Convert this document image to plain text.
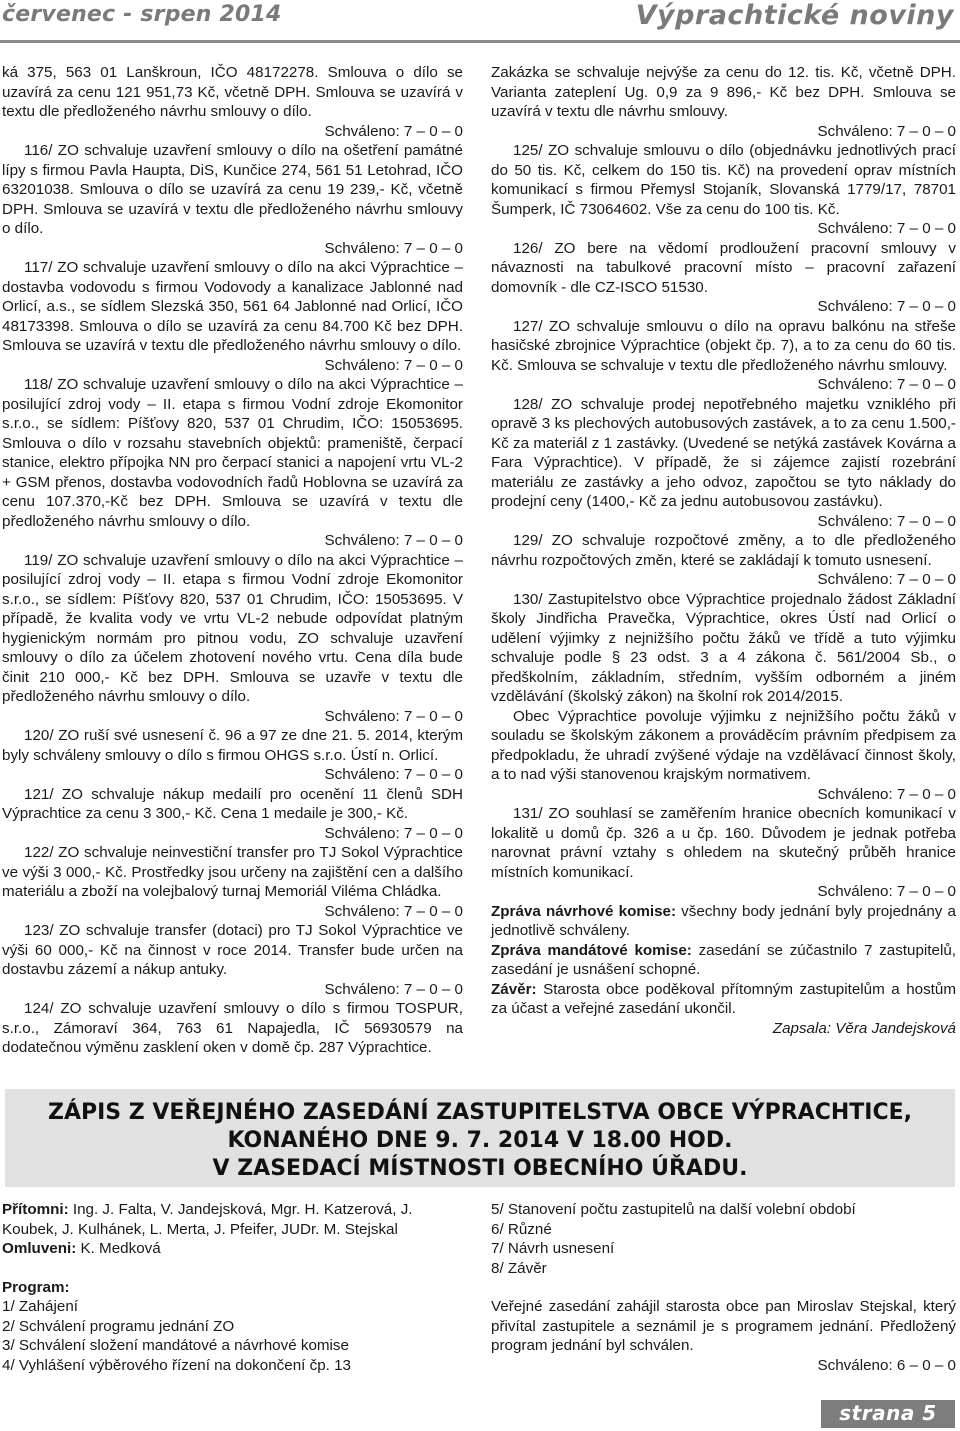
červenec - srpen 2014	Výprachtické noviny

ká 375, 563 01 Lanškroun, IČO 48172278. Smlouva o dílo se uzavírá za cenu 121 951,73 Kč, včetně DPH. Smlouva se uzavírá v textu dle předloženého návrhu smlouvy o dílo.

Schváleno: 7 – 0 – 0

116/ ZO schvaluje uzavření smlouvy o dílo na ošetření památné lípy s firmou Pavla Haupta, DiS, Kunčice 274, 561 51 Letohrad, IČO 63201038. Smlouva o dílo se uzavírá za cenu 19 239,- Kč, včetně DPH. Smlouva se uzavírá v textu dle předloženého návrhu smlouvy o dílo.

Schváleno: 7 – 0 – 0

117/ ZO schvaluje uzavření smlouvy o dílo na akci Výprachtice – dostavba vodovodu s firmou Vodovody a kanalizace Jablonné nad Orlicí, a.s., se sídlem Slezská 350, 561 64 Jablonné nad Orlicí, IČO 48173398. Smlouva o dílo se uzavírá za cenu 84.700 Kč bez DPH. Smlouva se uzavírá v textu dle předloženého návrhu smlouvy o dílo.

Schváleno: 7 – 0 – 0

118/ ZO schvaluje uzavření smlouvy o dílo na akci Výprachtice – posilující zdroj vody – II. etapa s firmou Vodní zdroje Ekomonitor s.r.o., se sídlem: Píšťovy 820, 537 01 Chrudim, IČO: 15053695. Smlouva o dílo v rozsahu stavebních objektů: prameniště, čerpací stanice, elektro přípojka NN pro čerpací stanici a napojení vrtu VL-2 + GSM přenos, dostavba vodovodních řadů Hoblovna se uzavírá za cenu 107.370,-Kč bez DPH. Smlouva se uzavírá v textu dle předloženého návrhu smlouvy o dílo.

Schváleno: 7 – 0 – 0

119/ ZO schvaluje uzavření smlouvy o dílo na akci Výprachtice – posilující zdroj vody – II. etapa s firmou Vodní zdroje Ekomonitor s.r.o., se sídlem: Píšťovy 820, 537 01 Chrudim, IČO: 15053695. V případě, že kvalita vody ve vrtu VL-2 nebude odpovídat platným hygienickým normám pro pitnou vodu, ZO schvaluje uzavření smlouvy o dílo za účelem zhotovení nového vrtu. Cena díla bude činit 210 000,- Kč bez DPH. Smlouva se uzavře v textu dle předloženého návrhu smlouvy o dílo.

Schváleno: 7 – 0 – 0

120/ ZO ruší své usnesení č. 96 a 97 ze dne 21. 5. 2014, kterým byly schváleny smlouvy o dílo s firmou OHGS s.r.o. Ústí n. Orlicí.

Schváleno: 7 – 0 – 0

121/ ZO schvaluje nákup medailí pro ocenění 11 členů SDH Výprachtice za cenu 3 300,- Kč. Cena 1 medaile je 300,- Kč.

Schváleno: 7 – 0 – 0

122/ ZO schvaluje neinvestiční transfer pro TJ Sokol Výprachtice ve výši 3 000,- Kč. Prostředky jsou určeny na zajištění cen a dalšího materiálu a zboží na volejbalový turnaj Memoriál Viléma Chládka.

Schváleno: 7 – 0 – 0

123/ ZO schvaluje transfer (dotaci) pro TJ Sokol Výprachtice ve výši 60 000,- Kč na činnost v roce 2014. Transfer bude určen na dostavbu zázemí a nákup antuky.

Schváleno: 7 – 0 – 0

124/ ZO schvaluje uzavření smlouvy o dílo s firmou TOSPUR, s.r.o., Zámoraví 364, 763 61 Napajedla, IČ 56930579 na dodatečnou výměnu zasklení oken v domě čp. 287 Výprachtice.

Zakázka se schvaluje nejvýše za cenu do 12. tis. Kč, včetně DPH. Varianta zateplení Ug. 0,9 za 9 896,- Kč bez DPH. Smlouva se uzavírá v textu dle návrhu smlouvy.

Schváleno: 7 – 0 – 0

125/ ZO schvaluje smlouvu o dílo (objednávku jednotlivých prací do 50 tis. Kč, celkem do 150 tis. Kč) na provedení oprav místních komunikací s firmou Přemysl Stojaník, Slovanská 1779/17, 78701 Šumperk, IČ 73064602. Vše za cenu do 100 tis. Kč.

Schváleno: 7 – 0 – 0

126/ ZO bere na vědomí prodloužení pracovní smlouvy v návaznosti na tabulkové pracovní místo – pracovní zařazení domovník - dle CZ-ISCO 51530.

Schváleno: 7 – 0 – 0

127/ ZO schvaluje smlouvu o dílo na opravu balkónu na střeše hasičské zbrojnice Výprachtice (objekt čp. 7), a to za cenu do 60 tis. Kč. Smlouva se schvaluje v textu dle předloženého návrhu smlouvy.

Schváleno: 7 – 0 – 0

128/ ZO schvaluje prodej nepotřebného majetku vzniklého při opravě 3 ks plechových autobusových zastávek, a to za cenu 1.500,- Kč za materiál z 1 zastávky. (Uvedené se netýká zastávek Kovárna a Fara Výprachtice). V případě, že si zájemce zajistí rozebrání materiálu ze zastávky a jeho odvoz, započtou se tyto náklady do prodejní ceny (1400,- Kč za jednu autobusovou zastávku).

Schváleno: 7 – 0 – 0

129/ ZO schvaluje rozpočtové změny, a to dle předloženého návrhu rozpočtových změn, které se zakládají k tomuto usnesení.

Schváleno: 7 – 0 – 0

130/ Zastupitelstvo obce Výprachtice projednalo žádost Základní školy Jindřicha Pravečka, Výprachtice, okres Ústí nad Orlicí o udělení výjimky z nejnižšího počtu žáků ve třídě a tuto výjimku schvaluje podle § 23 odst. 3 a 4 zákona č. 561/2004 Sb., o předškolním, základním, středním, vyšším odborném a jiném vzdělávání (školský zákon) na školní rok 2014/2015.

Obec Výprachtice povoluje výjimku z nejnižšího počtu žáků v souladu se školským zákonem a prováděcím právním předpisem za předpokladu, že uhradí zvýšené výdaje na vzdělávací činnost školy, a to nad výši stanovenou krajským normativem.

Schváleno: 7 – 0 – 0

131/ ZO souhlasí se zaměřením hranice obecních komunikací v lokalitě u domů čp. 326 a u čp. 160. Důvodem je jednak potřeba narovnat právní vztahy s ohledem na skutečný průběh hranice místních komunikací.

Schváleno: 7 – 0 – 0

Zpráva návrhové komise: všechny body jednání byly projednány a jednotlivě schváleny.

Zpráva mandátové komise: zasedání se zúčastnilo 7 zastupitelů, zasedání je usnášení schopné.

Závěr: Starosta obce poděkoval přítomným zastupitelům a hostům za účast a veřejné zasedání ukončil.

Zapsala: Věra Jandejsková

ZÁPIS Z VEŘEJNÉHO ZASEDÁNÍ ZASTUPITELSTVA OBCE VÝPRACHTICE,
KONANÉHO DNE 9. 7. 2014 V 18.00 HOD.
V ZASEDACÍ MÍSTNOSTI OBECNÍHO ÚŘADU.

Přítomni: Ing. J. Falta, V. Jandejsková, Mgr. H. Katzerová, J. Koubek, J. Kulhánek, L. Merta, J. Pfeifer, JUDr. M. Stejskal

Omluveni: K. Medková

Program:

1/ Zahájení

2/ Schválení programu jednání ZO

3/ Schválení složení mandátové a návrhové komise

4/ Vyhlášení výběrového řízení na dokončení čp. 13

5/ Stanovení počtu zastupitelů na další volební období

6/ Různé

7/ Návrh usnesení

8/ Závěr

Veřejné zasedání zahájil starosta obce pan Miroslav Stejskal, který přivítal zastupitele a seznámil je s programem jednání. Předložený program jednání byl schválen.

Schváleno: 6 – 0 – 0

strana 5
